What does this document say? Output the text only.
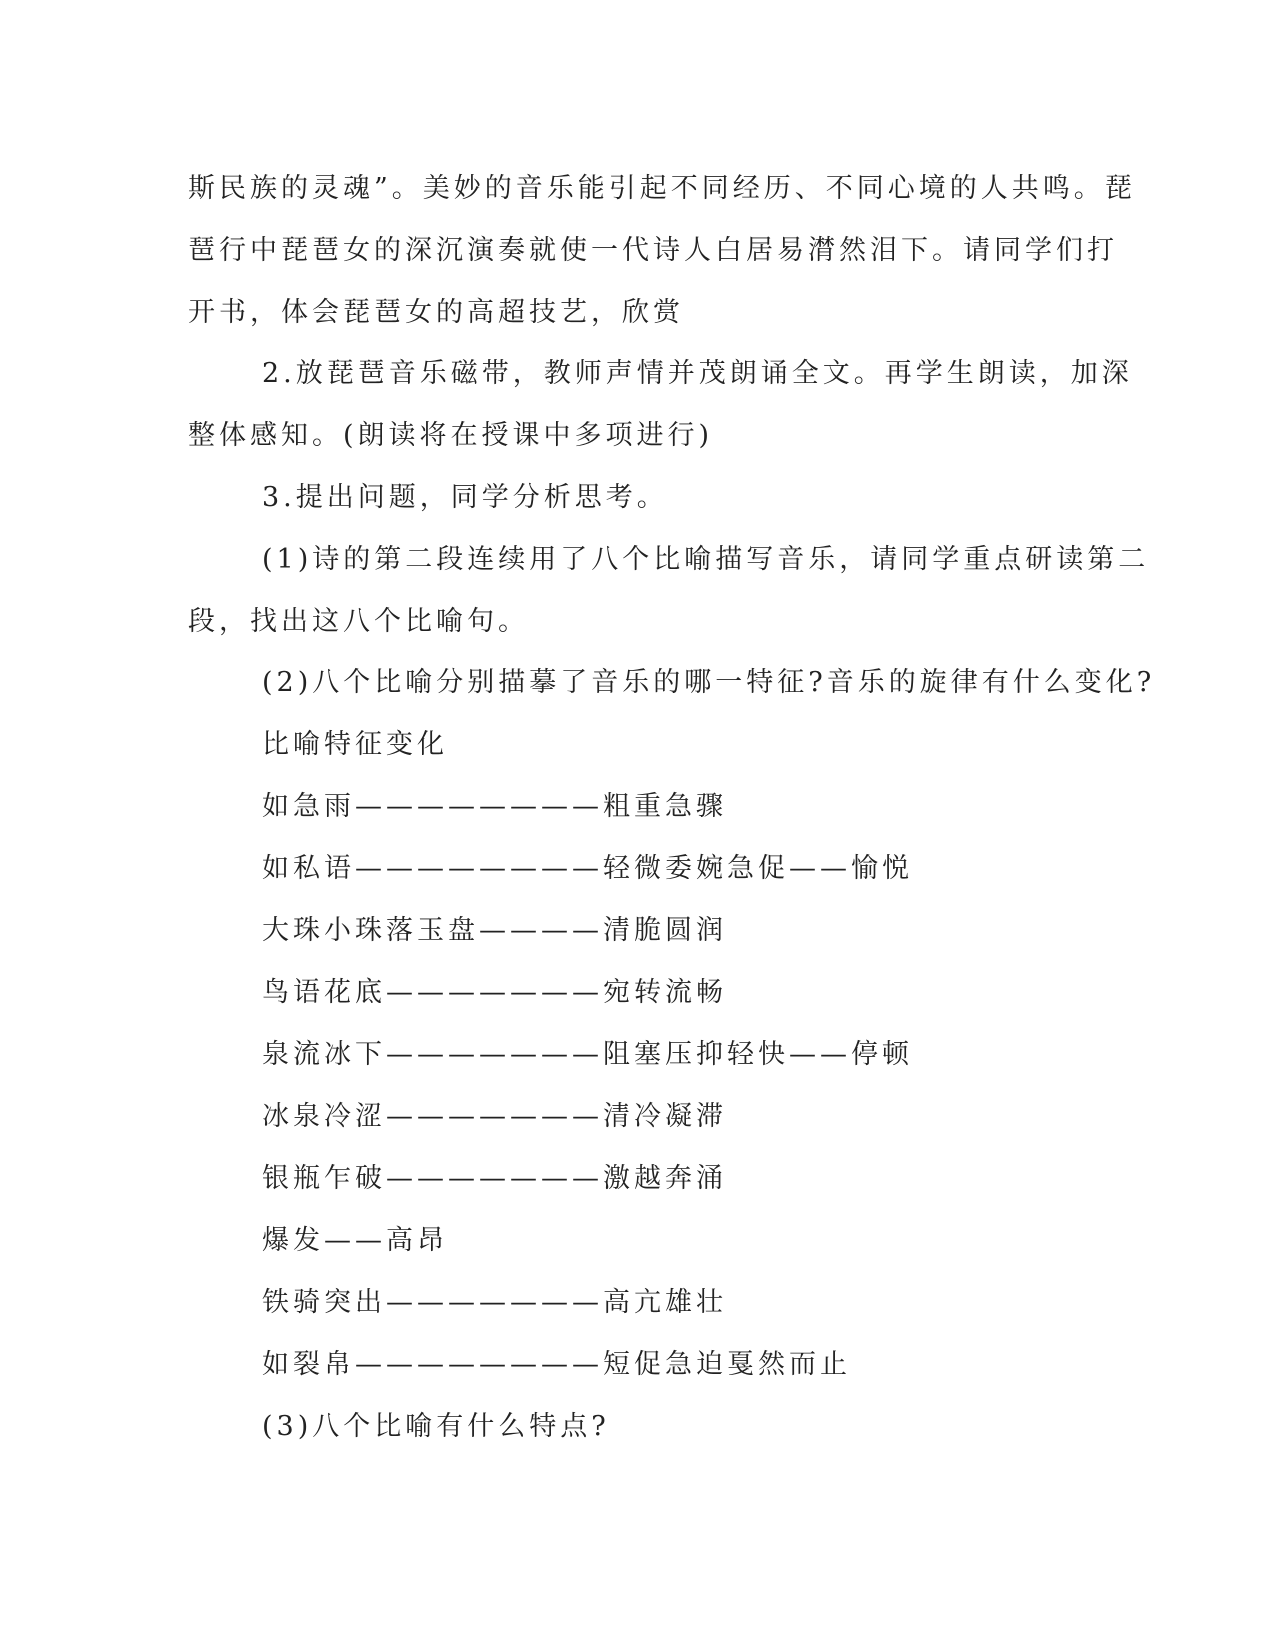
斯民族的灵魂”。美妙的音乐能引起不同经历、不同心境的人共鸣。琵
琶行中琵琶女的深沉演奏就使一代诗人白居易潸然泪下。请同学们打
开书，体会琵琶女的高超技艺，欣赏
2.放琵琶音乐磁带，教师声情并茂朗诵全文。再学生朗读，加深
整体感知。(朗读将在授课中多项进行)
3.提出问题，同学分析思考。
(1)诗的第二段连续用了八个比喻描写音乐，请同学重点研读第二
段，找出这八个比喻句。
(2)八个比喻分别描摹了音乐的哪一特征?音乐的旋律有什么变化?
比喻特征变化
如急雨————————粗重急骤
如私语————————轻微委婉急促——愉悦
大珠小珠落玉盘————清脆圆润
鸟语花底———————宛转流畅
泉流冰下———————阻塞压抑轻快——停顿
冰泉冷涩———————清冷凝滞
银瓶乍破———————激越奔涌
爆发——高昂
铁骑突出———————高亢雄壮
如裂帛————————短促急迫戛然而止
(3)八个比喻有什么特点?
